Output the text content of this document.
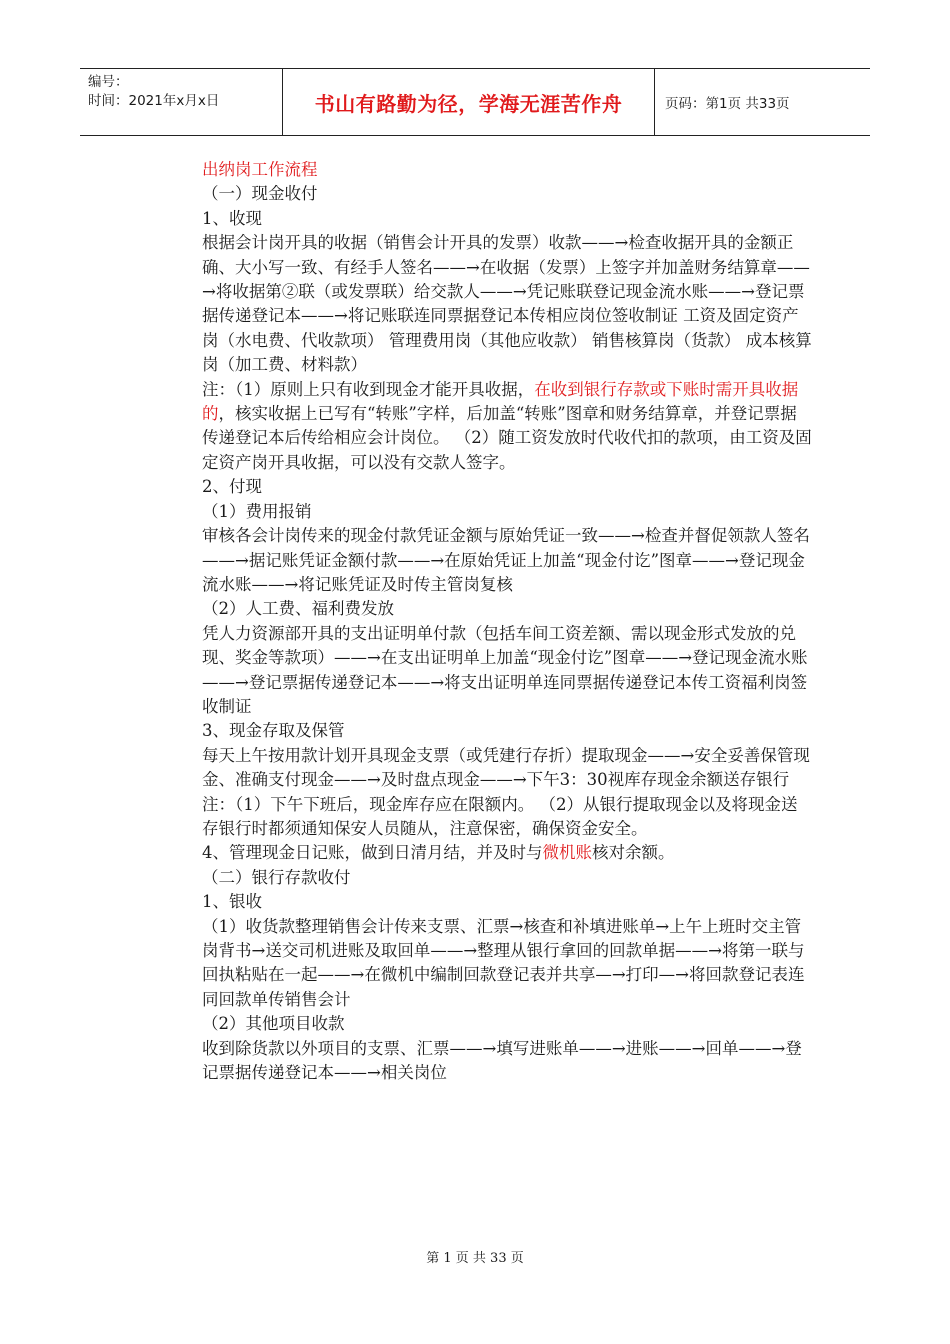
编号：
时间：2021年x月x日	书山有路勤为径，学海无涯苦作舟	页码：第1页 共33页

出纳岗工作流程

（一）现金收付

1、收现

根据会计岗开具的收据（销售会计开具的发票）收款——→检查收据开具的金额正确、大小写一致、有经手人签名——→在收据（发票）上签字并加盖财务结算章——→将收据第②联（或发票联）给交款人——→凭记账联登记现金流水账——→登记票据传递登记本——→将记账联连同票据登记本传相应岗位签收制证 工资及固定资产岗（水电费、代收款项） 管理费用岗（其他应收款） 销售核算岗（货款） 成本核算岗（加工费、材料款）

注：（1）原则上只有收到现金才能开具收据，在收到银行存款或下账时需开具收据的，核实收据上已写有“转账”字样，后加盖“转账”图章和财务结算章，并登记票据传递登记本后传给相应会计岗位。 （2）随工资发放时代收代扣的款项，由工资及固定资产岗开具收据，可以没有交款人签字。

2、付现

（1）费用报销

审核各会计岗传来的现金付款凭证金额与原始凭证一致——→检查并督促领款人签名——→据记账凭证金额付款——→在原始凭证上加盖“现金付讫”图章——→登记现金流水账——→将记账凭证及时传主管岗复核

（2）人工费、福利费发放

凭人力资源部开具的支出证明单付款（包括车间工资差额、需以现金形式发放的兑现、奖金等款项）——→在支出证明单上加盖“现金付讫”图章——→登记现金流水账——→登记票据传递登记本——→将支出证明单连同票据传递登记本传工资福利岗签收制证

3、现金存取及保管

每天上午按用款计划开具现金支票（或凭建行存折）提取现金——→安全妥善保管现金、准确支付现金——→及时盘点现金——→下午3：30视库存现金余额送存银行

注：（1）下午下班后，现金库存应在限额内。 （2）从银行提取现金以及将现金送存银行时都须通知保安人员随从，注意保密，确保资金安全。

4、管理现金日记账，做到日清月结，并及时与微机账核对余额。

（二）银行存款收付

1、银收

（1）收货款整理销售会计传来支票、汇票→核查和补填进账单→上午上班时交主管岗背书→送交司机进账及取回单——→整理从银行拿回的回款单据——→将第一联与回执粘贴在一起——→在微机中编制回款登记表并共享—→打印—→将回款登记表连同回款单传销售会计

（2）其他项目收款

收到除货款以外项目的支票、汇票——→填写进账单——→进账——→回单——→登记票据传递登记本——→相关岗位

第 1 页 共 33 页
